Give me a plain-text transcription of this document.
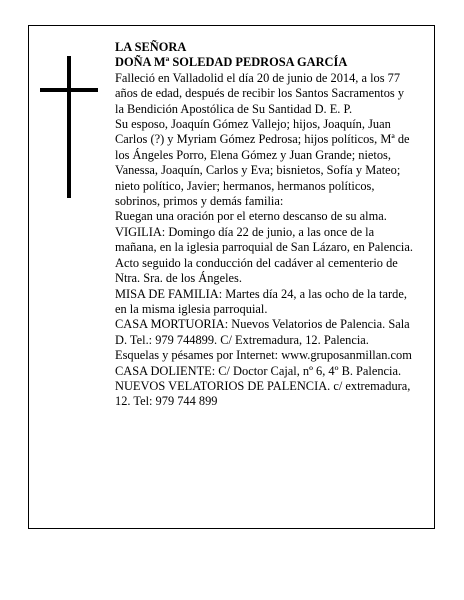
LA SEÑORA

DOÑA Mª SOLEDAD PEDROSA GARCÍA

Falleció en Valladolid el día 20 de junio de 2014, a los 77 años de edad, después de recibir los Santos Sacramentos y la Bendición Apostólica de Su Santidad D. E. P.

Su esposo, Joaquín Gómez Vallejo; hijos, Joaquín, Juan Carlos (?) y Myriam Gómez Pedrosa; hijos políticos, Mª de los Ángeles Porro, Elena Gómez y Juan Grande; nietos, Vanessa, Joaquín, Carlos y Eva; bisnietos, Sofía y Mateo; nieto político, Javier; hermanos, hermanos políticos, sobrinos, primos y demás familia:

Ruegan una oración por el eterno descanso de su alma.

VIGILIA: Domingo día 22 de junio, a las once de la mañana, en la iglesia parroquial de San Lázaro, en Palencia. Acto seguido la conducción del cadáver al cementerio de Ntra. Sra. de los Ángeles.

MISA DE FAMILIA: Martes día 24, a las ocho de la tarde, en la misma iglesia parroquial.

CASA MORTUORIA: Nuevos Velatorios de Palencia. Sala D. Tel.: 979 744899. C/ Extremadura, 12. Palencia.

Esquelas y pésames por Internet: www.gruposanmillan.com

CASA DOLIENTE: C/ Doctor Cajal, nº 6, 4º B. Palencia.

NUEVOS VELATORIOS DE PALENCIA. c/ extremadura, 12. Tel: 979 744 899
